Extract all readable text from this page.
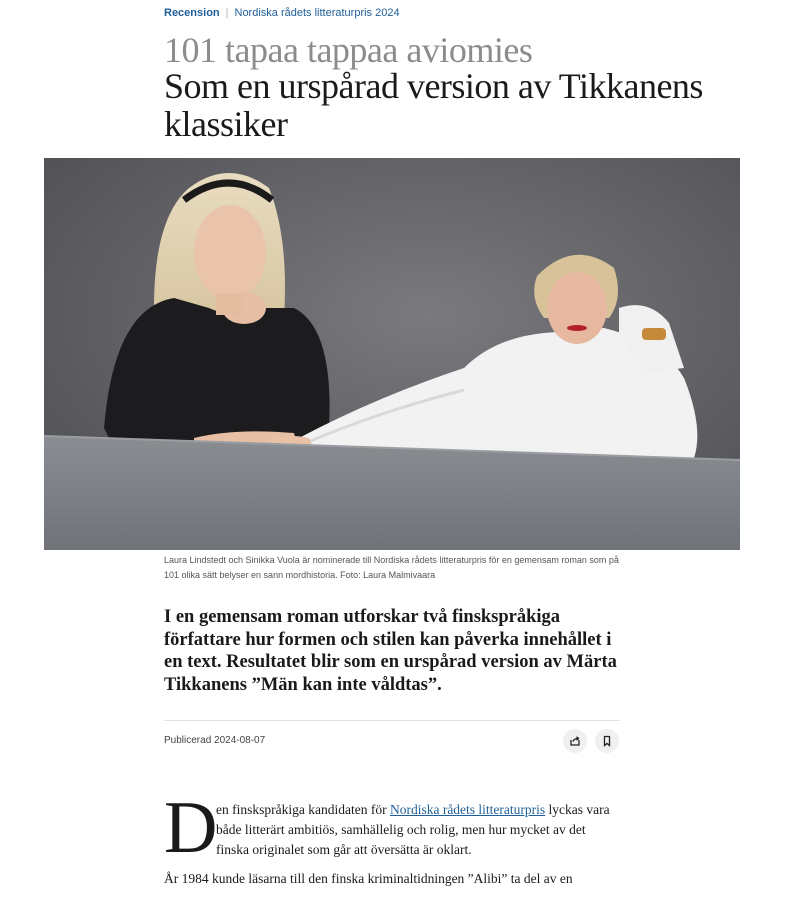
Recension | Nordiska rådets litteraturpris 2024
101 tapaa tappaa aviomies
Som en urspårad version av Tikkanens klassiker
Laura Lindstedt och Sinikka Vuola är nominerade till Nordiska rådets litteraturpris för en gemensam roman som på 101 olika sätt belyser en sann mordhistoria. Foto: Laura Malmivaara

I en gemensam roman utforskar två finskspråkiga författare hur formen och stilen kan påverka innehållet i en text. Resultatet blir som en urspårad version av Märta Tikkanens ”Män kan inte våldtas”.

Publicerad 2024-08-07
D
en finskspråkiga kandidaten för Nordiska rådets litteraturpris lyckas vara både litterärt ambitiös, samhällelig och rolig, men hur mycket av det finska originalet som går att översätta är oklart.
År 1984 kunde läsarna till den finska kriminaltidningen ”Alibi” ta del av en
